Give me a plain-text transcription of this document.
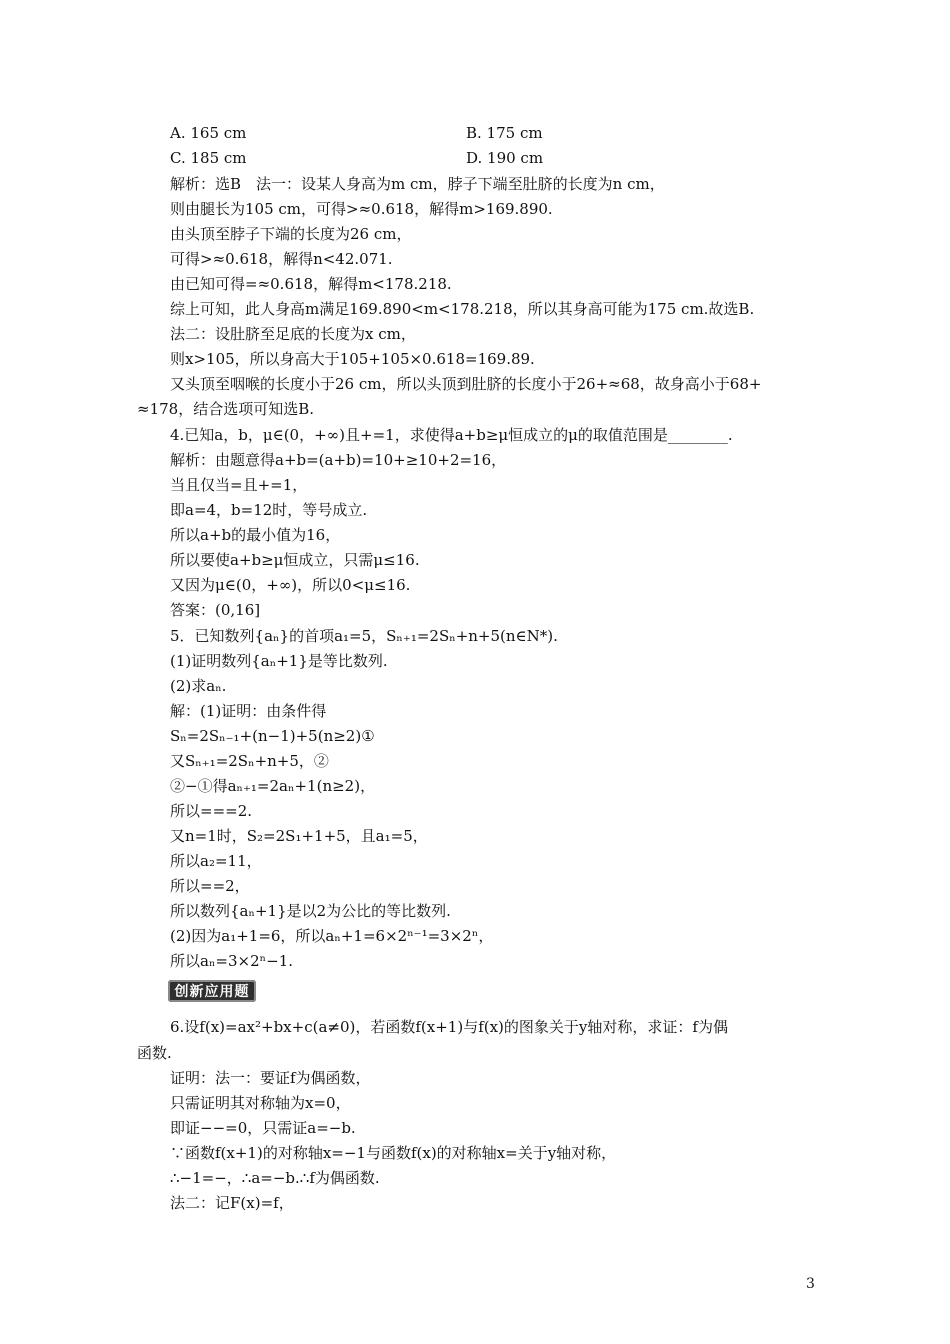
A. 165 cm	B. 175 cm
C. 185 cm	D. 190 cm
解析：选B　法一：设某人身高为m cm，脖子下端至肚脐的长度为n cm，
则由腿长为105 cm，可得>≈0.618，解得m>169.890.
由头顶至脖子下端的长度为26 cm，
可得>≈0.618，解得n<42.071.
由已知可得=≈0.618，解得m<178.218.
综上可知，此人身高m满足169.890<m<178.218，所以其身高可能为175 cm.故选B.
法二：设肚脐至足底的长度为x cm，
则x>105，所以身高大于105+105×0.618=169.89.
又头顶至咽喉的长度小于26 cm，所以头顶到肚脐的长度小于26+≈68，故身高小于68+
≈178，结合选项可知选B.
4.已知a，b，μ∈(0，+∞)且+=1，求使得a+b≥μ恒成立的μ的取值范围是________.
解析：由题意得a+b=(a+b)=10+≥10+2=16，
当且仅当=且+=1，
即a=4，b=12时，等号成立.
所以a+b的最小值为16，
所以要使a+b≥μ恒成立，只需μ≤16.
又因为μ∈(0，+∞)，所以0<μ≤16.
答案：(0,16]
5．已知数列{aₙ}的首项a₁=5，Sₙ₊₁=2Sₙ+n+5(n∈N*).
(1)证明数列{aₙ+1}是等比数列.
(2)求aₙ.
解：(1)证明：由条件得
Sₙ=2Sₙ₋₁+(n−1)+5(n≥2)①
又Sₙ₊₁=2Sₙ+n+5，②
②−①得aₙ₊₁=2aₙ+1(n≥2)，
所以===2.
又n=1时，S₂=2S₁+1+5，且a₁=5，
所以a₂=11，
所以==2，
所以数列{aₙ+1}是以2为公比的等比数列.
(2)因为a₁+1=6，所以aₙ+1=6×2ⁿ⁻¹=3×2ⁿ，
所以aₙ=3×2ⁿ−1.
创新应用题
6.设f(x)=ax²+bx+c(a≠0)，若函数f(x+1)与f(x)的图象关于y轴对称，求证：f为偶
函数.
证明：法一：要证f为偶函数，
只需证明其对称轴为x=0，
即证−−=0，只需证a=−b.
∵函数f(x+1)的对称轴x=−1与函数f(x)的对称轴x=关于y轴对称，
∴−1=−，∴a=−b.∴f为偶函数.
法二：记F(x)=f，
3
